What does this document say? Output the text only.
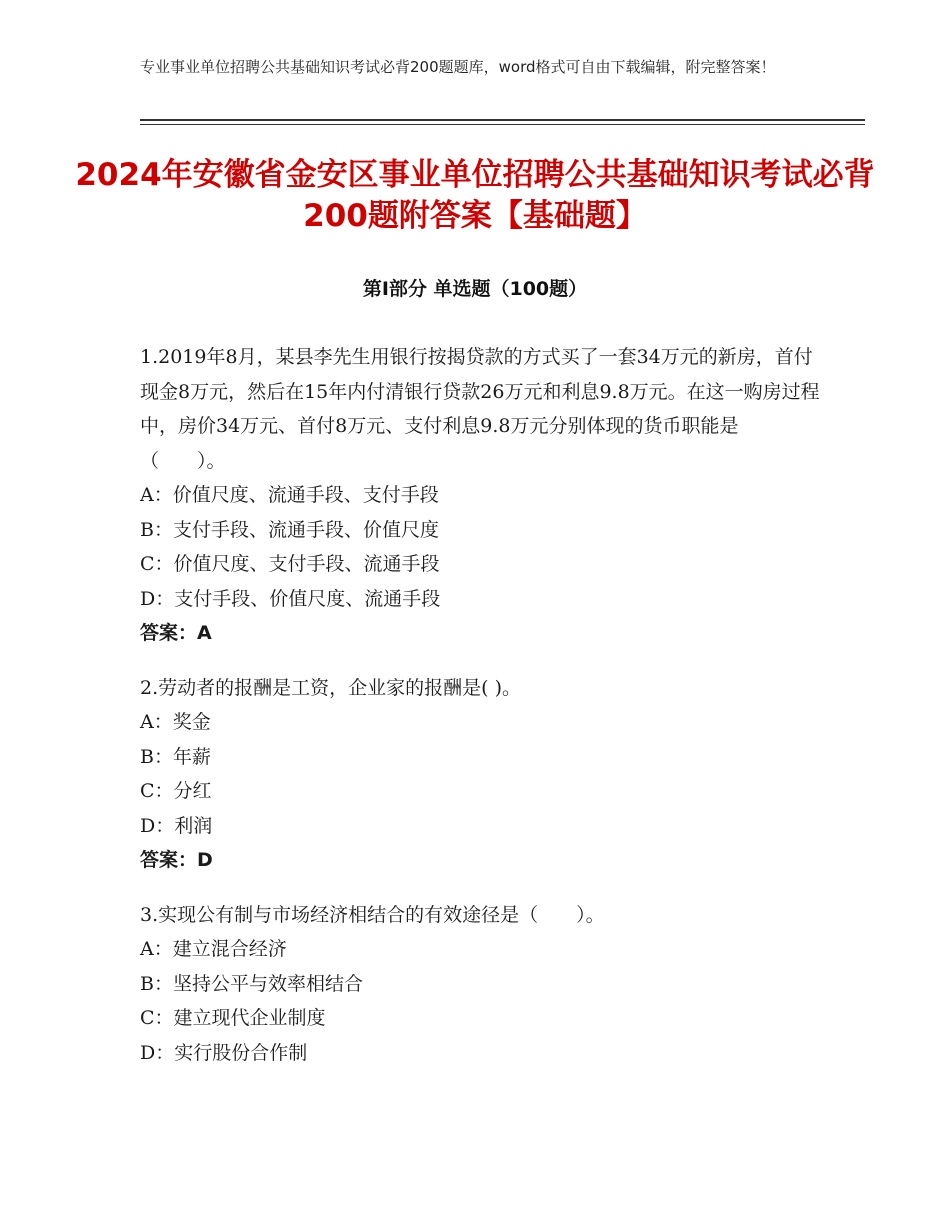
专业事业单位招聘公共基础知识考试必背200题题库，word格式可自由下载编辑，附完整答案！
2024年安徽省金安区事业单位招聘公共基础知识考试必背200题附答案【基础题】
第Ⅰ部分 单选题（100题）

1.2019年8月，某县李先生用银行按揭贷款的方式买了一套34万元的新房，首付现金8万元，然后在15年内付清银行贷款26万元和利息9.8万元。在这一购房过程中，房价34万元、首付8万元、支付利息9.8万元分别体现的货币职能是（　　）。

A：价值尺度、流通手段、支付手段

B：支付手段、流通手段、价值尺度

C：价值尺度、支付手段、流通手段

D：支付手段、价值尺度、流通手段

答案：A

2.劳动者的报酬是工资，企业家的报酬是( )。

A：奖金

B：年薪

C：分红

D：利润

答案：D

3.实现公有制与市场经济相结合的有效途径是（　　）。

A：建立混合经济

B：坚持公平与效率相结合

C：建立现代企业制度

D：实行股份合作制
